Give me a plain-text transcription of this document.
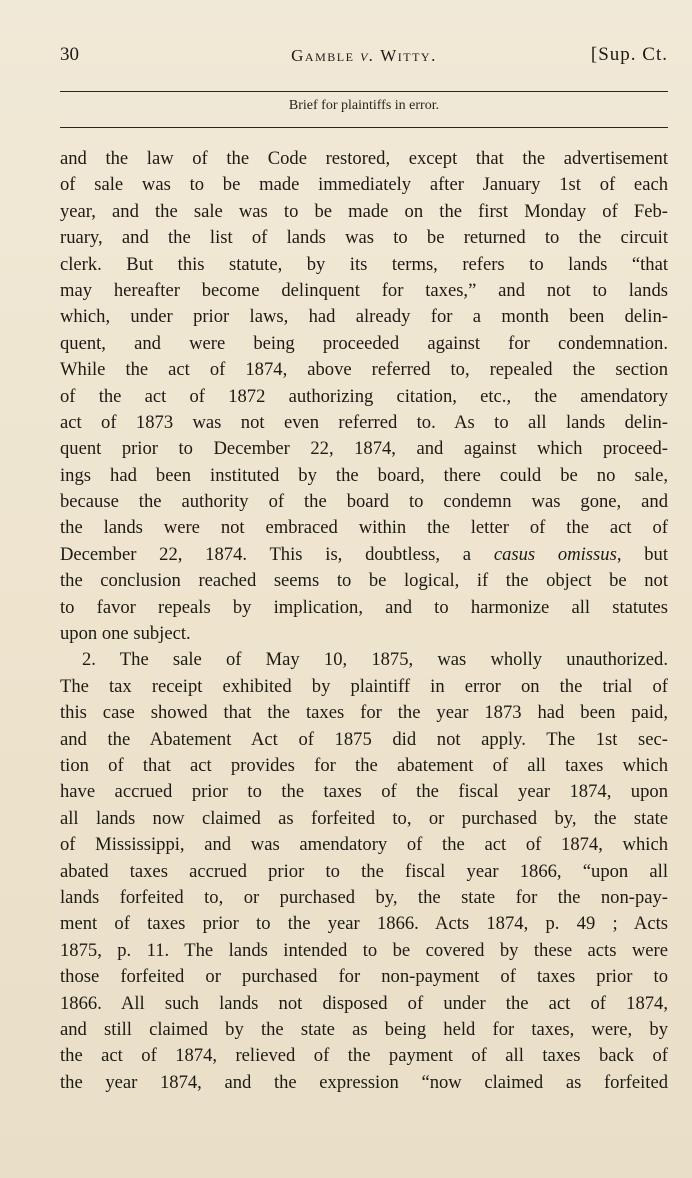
30	Gamble v. Witty.	[Sup. Ct.
Brief for plaintiffs in error.
and the law of the Code restored, except that the advertisement
of sale was to be made immediately after January 1st of each
year, and the sale was to be made on the first Monday of Feb-
ruary, and the list of lands was to be returned to the circuit
clerk. But this statute, by its terms, refers to lands “that
may hereafter become delinquent for taxes,” and not to lands
which, under prior laws, had already for a month been delin-
quent, and were being proceeded against for condemnation.
While the act of 1874, above referred to, repealed the section
of the act of 1872 authorizing citation, etc., the amendatory
act of 1873 was not even referred to. As to all lands delin-
quent prior to December 22, 1874, and against which proceed-
ings had been instituted by the board, there could be no sale,
because the authority of the board to condemn was gone, and
the lands were not embraced within the letter of the act of
December 22, 1874. This is, doubtless, a casus omissus, but
the conclusion reached seems to be logical, if the object be not
to favor repeals by implication, and to harmonize all statutes
upon one subject.
2. The sale of May 10, 1875, was wholly unauthorized.
The tax receipt exhibited by plaintiff in error on the trial of
this case showed that the taxes for the year 1873 had been paid,
and the Abatement Act of 1875 did not apply. The 1st sec-
tion of that act provides for the abatement of all taxes which
have accrued prior to the taxes of the fiscal year 1874, upon
all lands now claimed as forfeited to, or purchased by, the state
of Mississippi, and was amendatory of the act of 1874, which
abated taxes accrued prior to the fiscal year 1866, “upon all
lands forfeited to, or purchased by, the state for the non-pay-
ment of taxes prior to the year 1866. Acts 1874, p. 49 ; Acts
1875, p. 11. The lands intended to be covered by these acts were
those forfeited or purchased for non-payment of taxes prior to
1866. All such lands not disposed of under the act of 1874,
and still claimed by the state as being held for taxes, were, by
the act of 1874, relieved of the payment of all taxes back of
the year 1874, and the expression “now claimed as forfeited
